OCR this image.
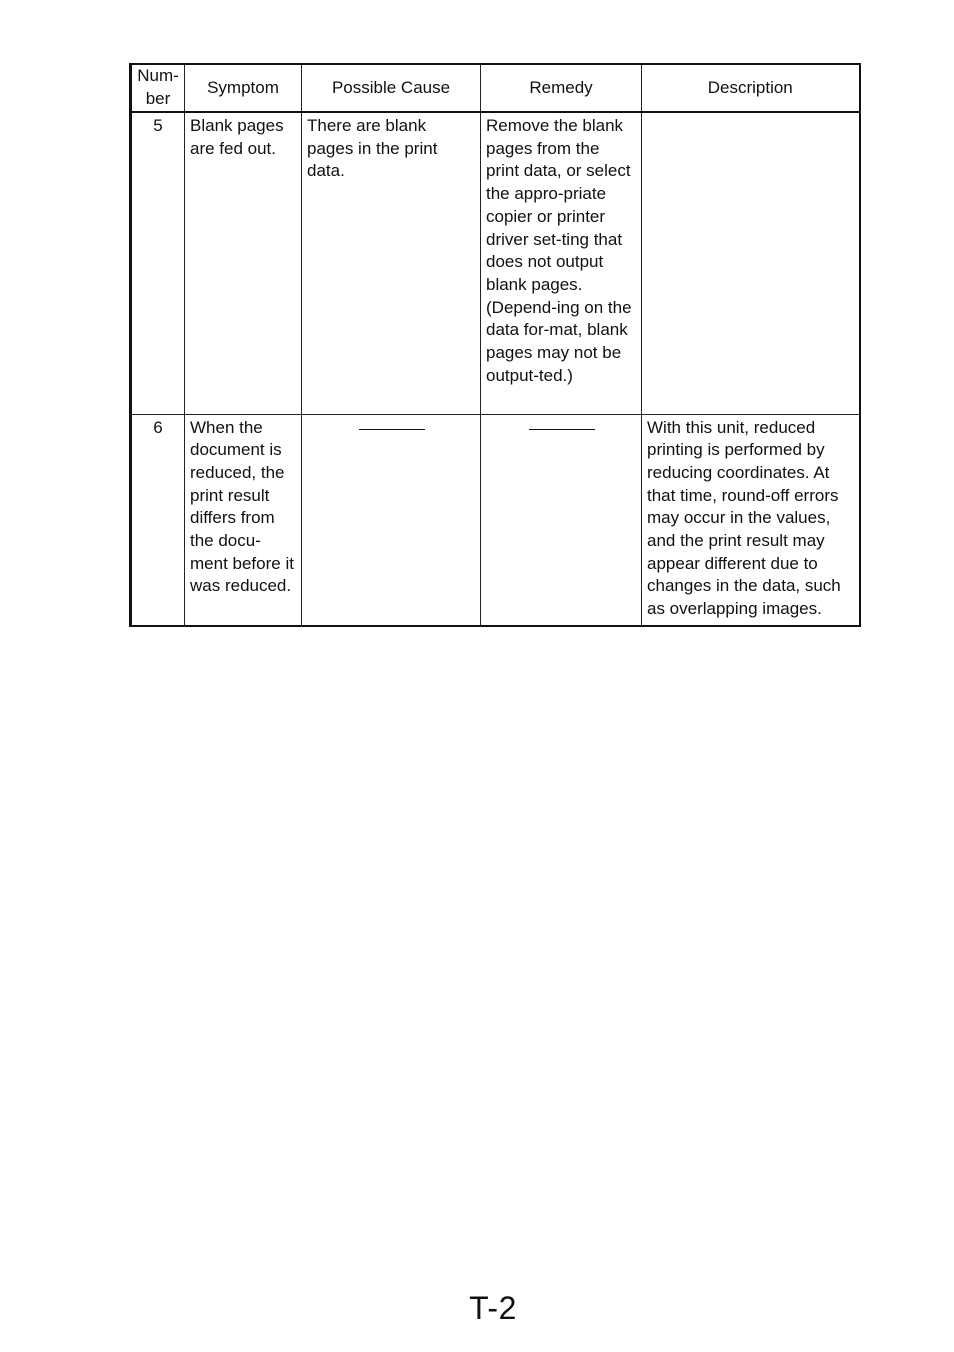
Num-
ber	Symptom	Possible Cause	Remedy	Description
5	Blank pages are fed out.	There are blank pages in the print data.	Remove the blank pages from the print data, or select the appro-priate copier or printer driver set-ting that does not output blank pages. (Depend-ing on the data for-mat, blank pages may not be output-ted.)	
6	When the document is reduced, the print result differs from the docu-ment before it was reduced.			With this unit, reduced printing is performed by reducing coordinates. At that time, round-off errors may occur in the values, and the print result may appear different due to changes in the data, such as overlapping images.
T-2
